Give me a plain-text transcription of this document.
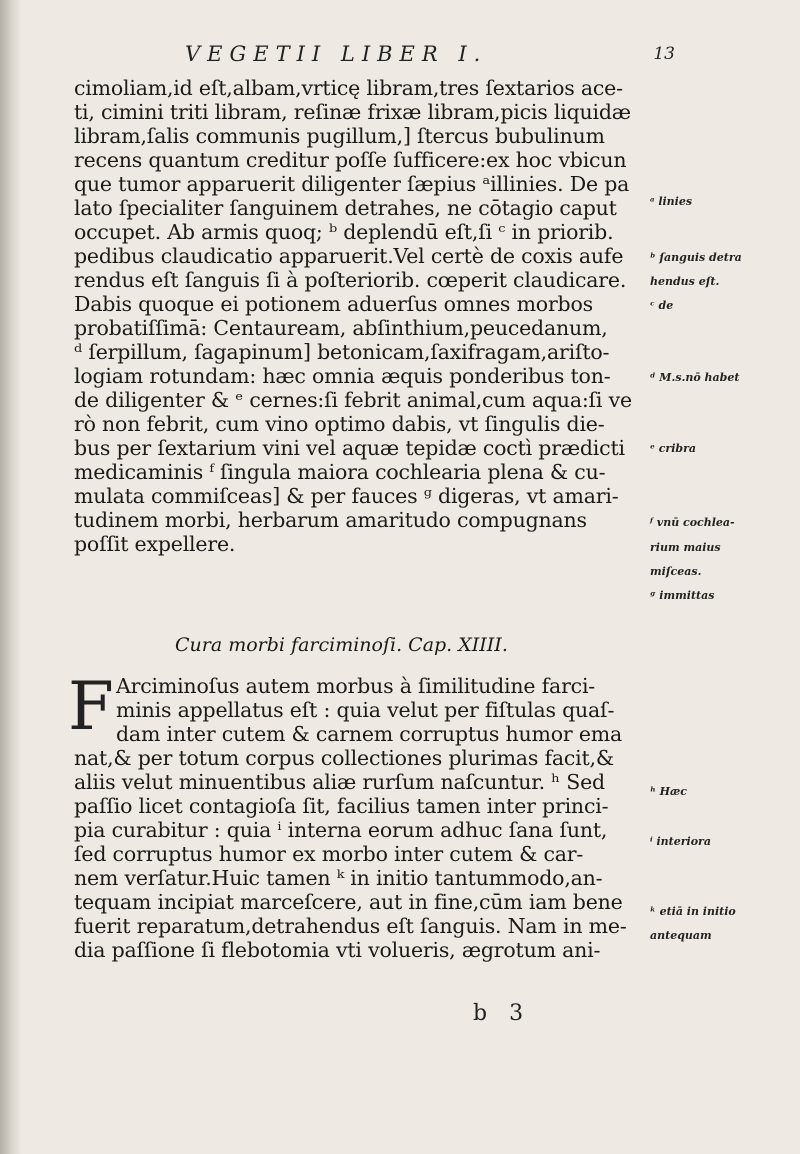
VEGETII LIBER I.	13
cimoliam,id eſt,albam,vrticę libram,tres ſextarios ace-
ti, cimini triti libram, reſinæ frixæ libram,picis liquidæ
libram,ſalis communis pugillum,] ſtercus bubulinum
recens quantum creditur poſſe ſufficere:ex hoc vbicun
que tumor apparuerit diligenter ſæpius ᵃillinies. De pa
lato ſpecialiter ſanguinem detrahes, ne cōtagio caput
occupet. Ab armis quoq; ᵇ deplendū eſt,ſi ᶜ in priorib.
pedibus claudicatio apparuerit.Vel certè de coxis aufe
rendus eſt ſanguis ſi à poſteriorib. cœperit claudicare.
Dabis quoque ei potionem aduerſus omnes morbos
probatiſſimā: Centauream, abſinthium,peucedanum,
ᵈ ſerpillum, ſagapinum] betonicam,ſaxifragam,ariſto-
logiam rotundam: hæc omnia æquis ponderibus ton-
de diligenter & ᵉ cernes:ſi febrit animal,cum aqua:ſi ve
rò non febrit, cum vino optimo dabis, vt ſingulis die-
bus per ſextarium vini vel aquæ tepidæ coctì prædicti
medicaminis ᶠ ſingula maiora cochlearia plena & cu-
mulata commiſceas] & per fauces ᵍ digeras, vt amari-
tudinem morbi, herbarum amaritudo compugnans
poſſit expellere.
ᵃ linies
ᵇ ſanguis detra
hendus eſt.
ᶜ de
ᵈ M.s.nō habet
ᵉ cribra
ᶠ vnū cochlea-
rium maius
miſceas.
ᵍ immittas
Cura morbi farciminoſi. Cap. XIIII.
F Arciminoſus autem morbus à ſimilitudine farci-
minis appellatus eſt : quia velut per fiſtulas quaſ-
dam inter cutem & carnem corruptus humor ema
nat,& per totum corpus collectiones plurimas facit,&
aliis velut minuentibus aliæ rurſum naſcuntur. ʰ Sed
paſſio licet contagioſa ſit, facilius tamen inter princi-
pia curabitur : quia ⁱ interna eorum adhuc ſana ſunt,
ſed corruptus humor ex morbo inter cutem & car-
nem verſatur.Huic tamen ᵏ in initio tantummodo,an-
tequam incipiat marceſcere, aut in fine,cūm iam bene
fuerit reparatum,detrahendus eſt ſanguis. Nam in me-
dia paſſione ſi flebotomia vti volueris, ægrotum ani-
ʰ Hæc
ⁱ interiora
ᵏ etiā in initio
antequam
b 3
